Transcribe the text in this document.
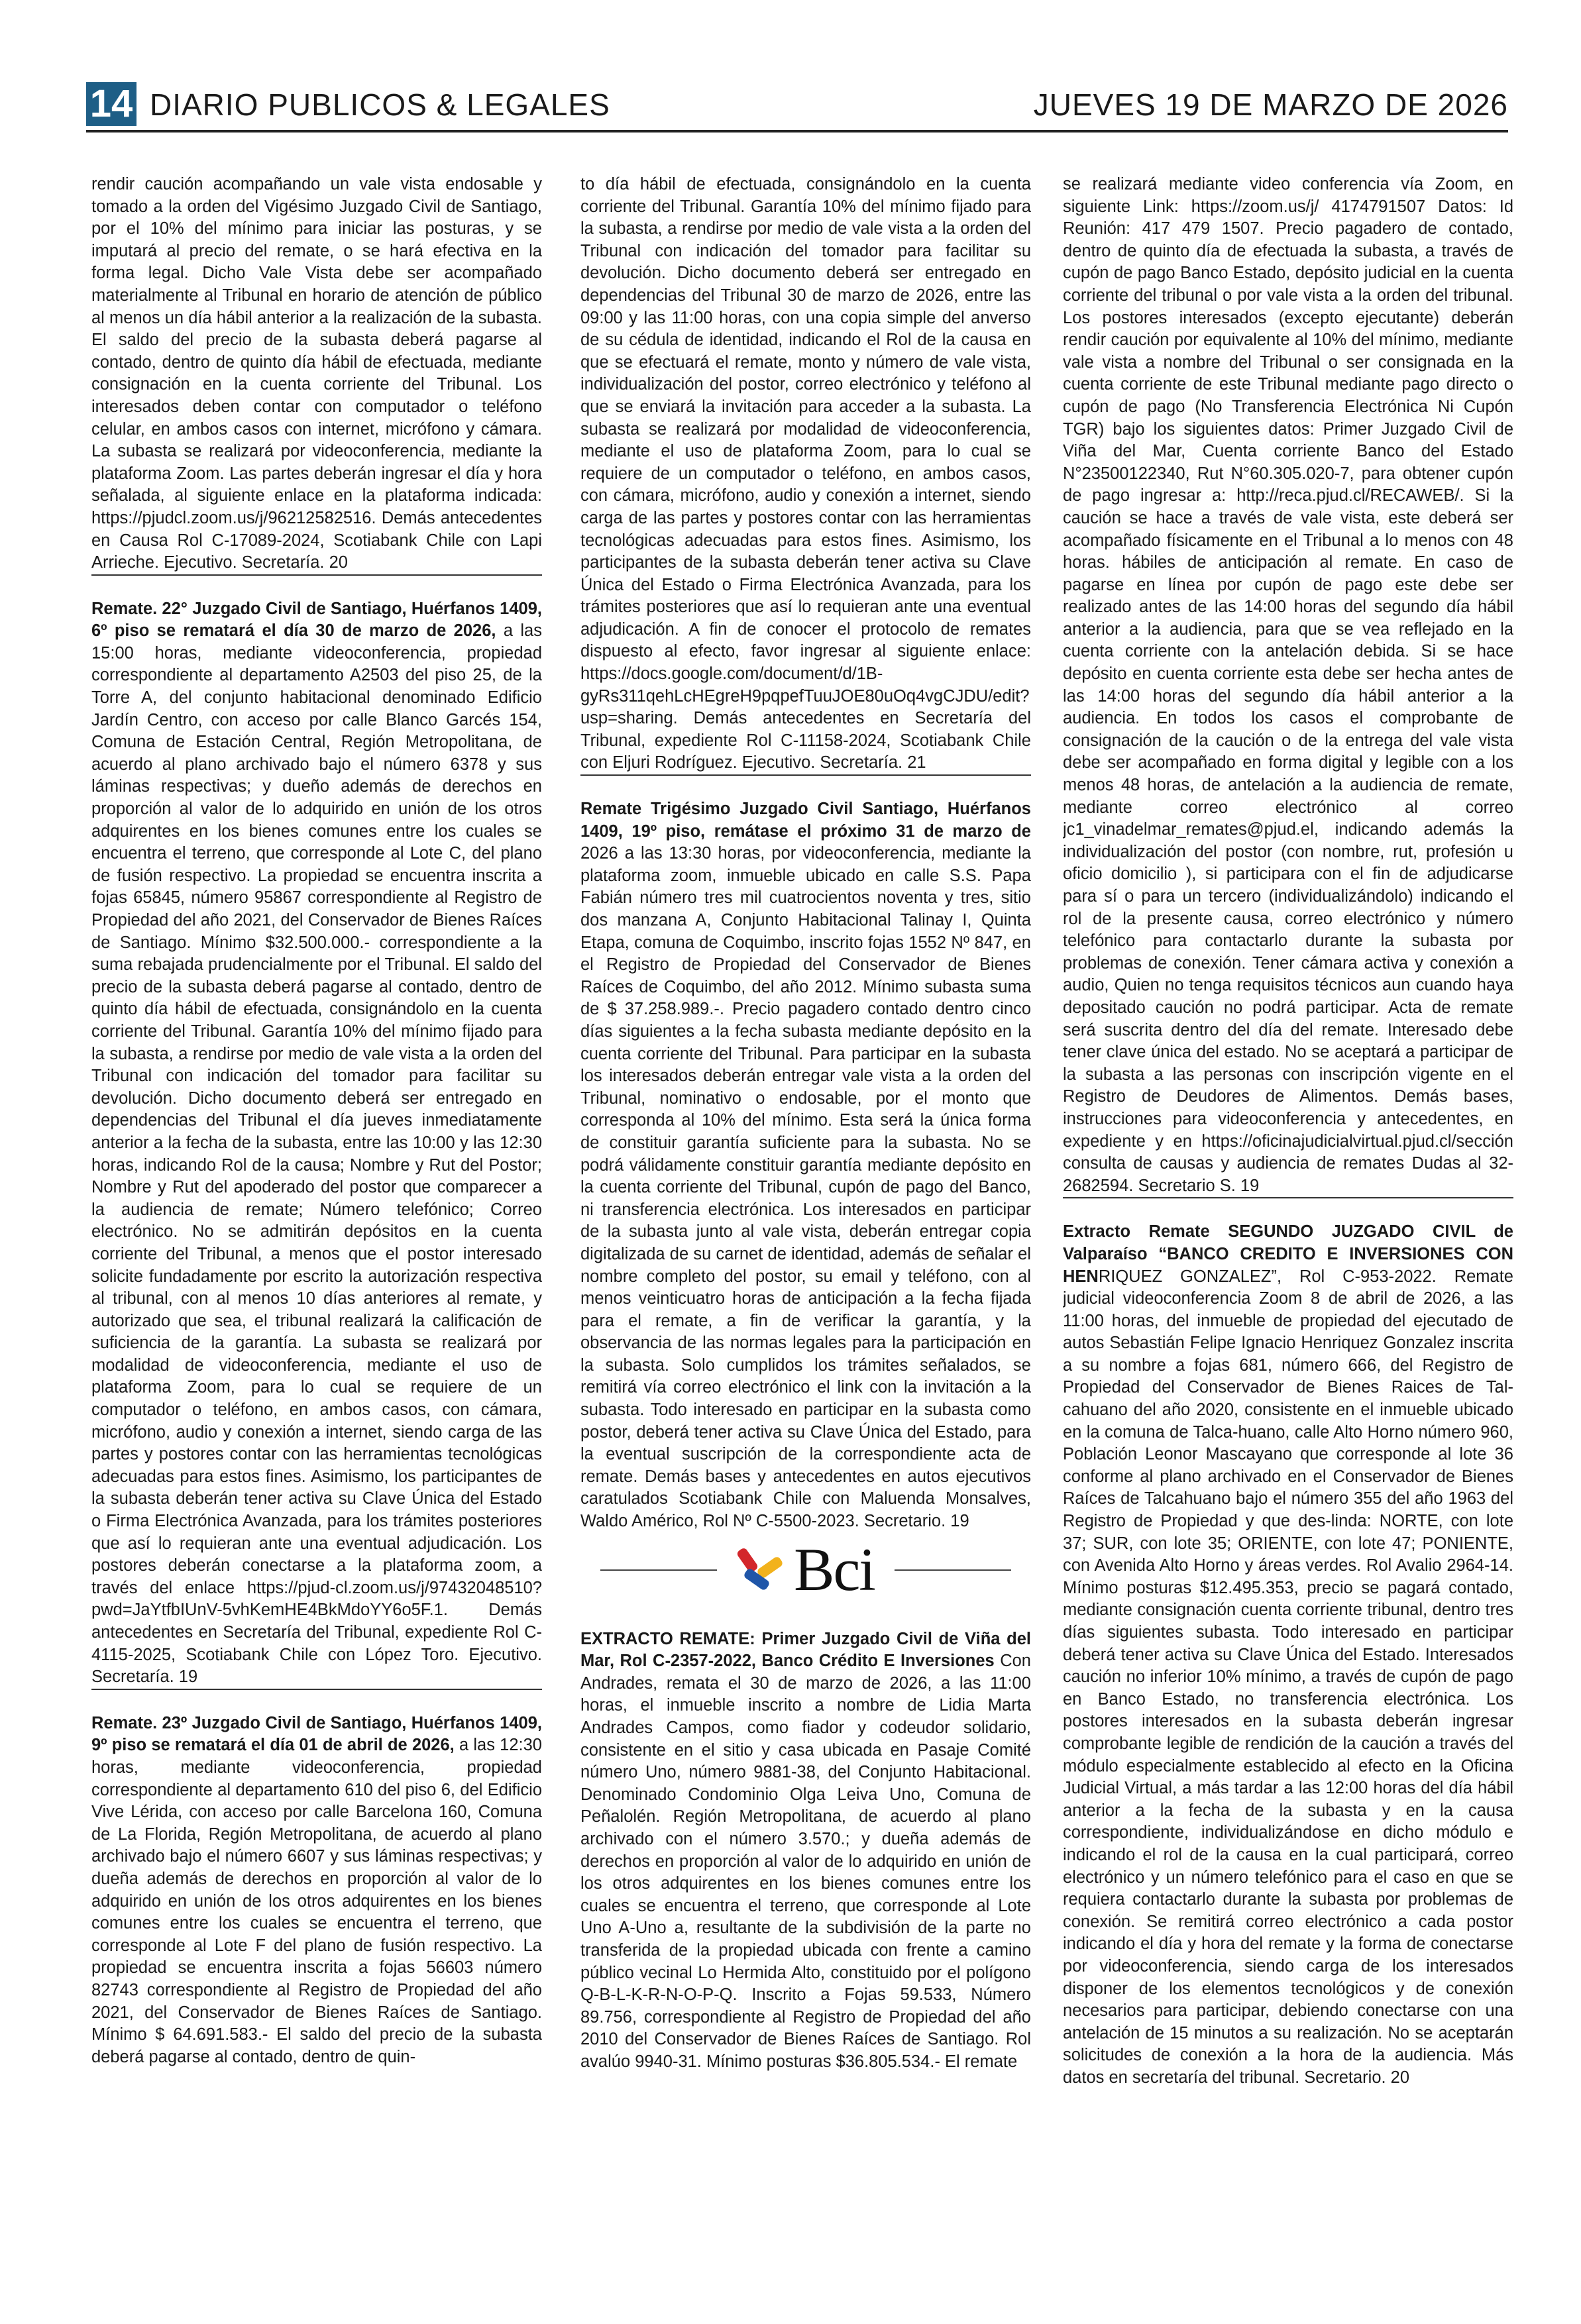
14 DIARIO PUBLICOS & LEGALES	JUEVES 19 DE MARZO DE 2026

rendir caución acompañando un vale vista endosable y tomado a la orden del Vigésimo Juzgado Civil de Santiago, por el 10% del mínimo para iniciar las posturas, y se imputará al precio del remate, o se hará efectiva en la forma legal. Dicho Vale Vista debe ser acompañado materialmente al Tribunal en horario de atención de público al menos un día hábil anterior a la realización de la subasta. El saldo del precio de la subasta deberá pagarse al contado, dentro de quinto día hábil de efectuada, mediante consignación en la cuenta corriente del Tribunal. Los interesados deben contar con computador o teléfono celular, en ambos casos con internet, micrófono y cámara. La subasta se realizará por videoconferencia, mediante la plataforma Zoom. Las partes deberán ingresar el día y hora señalada, al siguiente enlace en la plataforma indicada: https://pjudcl.zoom.us/j/96212582516. Demás antecedentes en Causa Rol C-17089-2024, Scotiabank Chile con Lapi Arrieche. Ejecutivo. Secretaría. 20

Remate. 22° Juzgado Civil de Santiago, Huérfanos 1409, 6º piso se rematará el día 30 de marzo de 2026, a las 15:00 horas, mediante videoconferencia, propiedad correspondiente al departamento A2503 del piso 25, de la Torre A, del conjunto habitacional denominado Edificio Jardín Centro, con acceso por calle Blanco Garcés 154, Comuna de Estación Central, Región Metropolitana, de acuerdo al plano archivado bajo el número 6378 y sus láminas respectivas; y dueño además de derechos en proporción al valor de lo adquirido en unión de los otros adquirentes en los bienes comunes entre los cuales se encuentra el terreno, que corresponde al Lote C, del plano de fusión respectivo. La propiedad se encuentra inscrita a fojas 65845, número 95867 correspondiente al Registro de Propiedad del año 2021, del Conservador de Bienes Raíces de Santiago. Mínimo $32.500.000.- correspondiente a la suma rebajada prudencialmente por el Tribunal. El saldo del precio de la subasta deberá pagarse al contado, dentro de quinto día hábil de efectuada, consignándolo en la cuenta corriente del Tribunal. Garantía 10% del mínimo fijado para la subasta, a rendirse por medio de vale vista a la orden del Tribunal con indicación del tomador para facilitar su devolución. Dicho documento deberá ser entregado en dependencias del Tribunal el día jueves inmediatamente anterior a la fecha de la subasta, entre las 10:00 y las 12:30 horas, indicando Rol de la causa; Nombre y Rut del Postor; Nombre y Rut del apoderado del postor que comparecer a la audiencia de remate; Número telefónico; Correo electrónico. No se admitirán depósitos en la cuenta corriente del Tribunal, a menos que el postor interesado solicite fundadamente por escrito la autorización respectiva al tribunal, con al menos 10 días anteriores al remate, y autorizado que sea, el tribunal realizará la calificación de suficiencia de la garantía. La subasta se realizará por modalidad de videoconferencia, mediante el uso de plataforma Zoom, para lo cual se requiere de un computador o teléfono, en ambos casos, con cámara, micrófono, audio y conexión a internet, siendo carga de las partes y postores contar con las herramientas tecnológicas adecuadas para estos fines. Asimismo, los participantes de la subasta deberán tener activa su Clave Única del Estado o Firma Electrónica Avanzada, para los trámites posteriores que así lo requieran ante una eventual adjudicación. Los postores deberán conectarse a la plataforma zoom, a través del enlace https://pjud-cl.zoom.us/j/97432048510?pwd=JaYtfbIUnV-5vhKemHE4BkMdoYY6o5F.1. Demás antecedentes en Secretaría del Tribunal, expediente Rol C-4115-2025, Scotiabank Chile con López Toro. Ejecutivo. Secretaría. 19

Remate. 23º Juzgado Civil de Santiago, Huérfanos 1409, 9º piso se rematará el día 01 de abril de 2026, a las 12:30 horas, mediante videoconferencia, propiedad correspondiente al departamento 610 del piso 6, del Edificio Vive Lérida, con acceso por calle Barcelona 160, Comuna de La Florida, Región Metropolitana, de acuerdo al plano archivado bajo el número 6607 y sus láminas respectivas; y dueña además de derechos en proporción al valor de lo adquirido en unión de los otros adquirentes en los bienes comunes entre los cuales se encuentra el terreno, que corresponde al Lote F del plano de fusión respectivo. La propiedad se encuentra inscrita a fojas 56603 número 82743 correspondiente al Registro de Propiedad del año 2021, del Conservador de Bienes Raíces de Santiago. Mínimo $ 64.691.583.- El saldo del precio de la subasta deberá pagarse al contado, dentro de quin-

to día hábil de efectuada, consignándolo en la cuenta corriente del Tribunal. Garantía 10% del mínimo fijado para la subasta, a rendirse por medio de vale vista a la orden del Tribunal con indicación del tomador para facilitar su devolución. Dicho documento deberá ser entregado en dependencias del Tribunal 30 de marzo de 2026, entre las 09:00 y las 11:00 horas, con una copia simple del anverso de su cédula de identidad, indicando el Rol de la causa en que se efectuará el remate, monto y número de vale vista, individualización del postor, correo electrónico y teléfono al que se enviará la invitación para acceder a la subasta. La subasta se realizará por modalidad de videoconferencia, mediante el uso de plataforma Zoom, para lo cual se requiere de un computador o teléfono, en ambos casos, con cámara, micrófono, audio y conexión a internet, siendo carga de las partes y postores contar con las herramientas tecnológicas adecuadas para estos fines. Asimismo, los participantes de la subasta deberán tener activa su Clave Única del Estado o Firma Electrónica Avanzada, para los trámites posteriores que así lo requieran ante una eventual adjudicación. A fin de conocer el protocolo de remates dispuesto al efecto, favor ingresar al siguiente enlace: https://docs.google.com/document/d/1B-gyRs311qehLcHEgreH9pqpefTuuJOE80uOq4vgCJDU/edit?usp=sharing. Demás antecedentes en Secretaría del Tribunal, expediente Rol C-11158-2024, Scotiabank Chile con Eljuri Rodríguez. Ejecutivo. Secretaría. 21

Remate Trigésimo Juzgado Civil Santiago, Huérfanos 1409, 19º piso, remátase el próximo 31 de marzo de 2026 a las 13:30 horas, por videoconferencia, mediante la plataforma zoom, inmueble ubicado en calle S.S. Papa Fabián número tres mil cuatrocientos noventa y tres, sitio dos manzana A, Conjunto Habitacional Talinay I, Quinta Etapa, comuna de Coquimbo, inscrito fojas 1552 Nº 847, en el Registro de Propiedad del Conservador de Bienes Raíces de Coquimbo, del año 2012. Mínimo subasta suma de $ 37.258.989.-. Precio pagadero contado dentro cinco días siguientes a la fecha subasta mediante depósito en la cuenta corriente del Tribunal. Para participar en la subasta los interesados deberán entregar vale vista a la orden del Tribunal, nominativo o endosable, por el monto que corresponda al 10% del mínimo. Esta será la única forma de constituir garantía suficiente para la subasta. No se podrá válidamente constituir garantía mediante depósito en la cuenta corriente del Tribunal, cupón de pago del Banco, ni transferencia electrónica. Los interesados en participar de la subasta junto al vale vista, deberán entregar copia digitalizada de su carnet de identidad, además de señalar el nombre completo del postor, su email y teléfono, con al menos veinticuatro horas de anticipación a la fecha fijada para el remate, a fin de verificar la garantía, y la observancia de las normas legales para la participación en la subasta. Solo cumplidos los trámites señalados, se remitirá vía correo electrónico el link con la invitación a la subasta. Todo interesado en participar en la subasta como postor, deberá tener activa su Clave Única del Estado, para la eventual suscripción de la correspondiente acta de remate. Demás bases y antecedentes en autos ejecutivos caratulados Scotiabank Chile con Maluenda Monsalves, Waldo Américo, Rol Nº C-5500-2023. Secretario. 19

Bci

EXTRACTO REMATE: Primer Juzgado Civil de Viña del Mar, Rol C-2357-2022, Banco Crédito E Inversiones Con Andrades, remata el 30 de marzo de 2026, a las 11:00 horas, el inmueble inscrito a nombre de Lidia Marta Andrades Campos, como fiador y codeudor solidario, consistente en el sitio y casa ubicada en Pasaje Comité número Uno, número 9881-38, del Conjunto Habitacional. Denominado Condominio Olga Leiva Uno, Comuna de Peñalolén. Región Metropolitana, de acuerdo al plano archivado con el número 3.570.; y dueña además de derechos en proporción al valor de lo adquirido en unión de los otros adquirentes en los bienes comunes entre los cuales se encuentra el terreno, que corresponde al Lote Uno A-Uno a, resultante de la subdivisión de la parte no transferida de la propiedad ubicada con frente a camino público vecinal Lo Hermida Alto, constituido por el polígono Q-B-L-K-R-N-O-P-Q. Inscrito a Fojas 59.533, Número 89.756, correspondiente al Registro de Propiedad del año 2010 del Conservador de Bienes Raíces de Santiago. Rol avalúo 9940-31. Mínimo posturas $36.805.534.- El remate

se realizará mediante video conferencia vía Zoom, en siguiente Link: https://zoom.us/j/ 4174791507 Datos: Id Reunión: 417 479 1507. Precio pagadero de contado, dentro de quinto día de efectuada la subasta, a través de cupón de pago Banco Estado, depósito judicial en la cuenta corriente del tribunal o por vale vista a la orden del tribunal. Los postores interesados (excepto ejecutante) deberán rendir caución por equivalente al 10% del mínimo, mediante vale vista a nombre del Tribunal o ser consignada en la cuenta corriente de este Tribunal mediante pago directo o cupón de pago (No Transferencia Electrónica Ni Cupón TGR) bajo los siguientes datos: Primer Juzgado Civil de Viña del Mar, Cuenta corriente Banco del Estado N°23500122340, Rut N°60.305.020-7, para obtener cupón de pago ingresar a: http://reca.pjud.cl/RECAWEB/. Si la caución se hace a través de vale vista, este deberá ser acompañado físicamente en el Tribunal a lo menos con 48 horas. hábiles de anticipación al remate. En caso de pagarse en línea por cupón de pago este debe ser realizado antes de las 14:00 horas del segundo día hábil anterior a la audiencia, para que se vea reflejado en la cuenta corriente con la antelación debida. Si se hace depósito en cuenta corriente esta debe ser hecha antes de las 14:00 horas del segundo día hábil anterior a la audiencia. En todos los casos el comprobante de consignación de la caución o de la entrega del vale vista debe ser acompañado en forma digital y legible con a los menos 48 horas, de antelación a la audiencia de remate, mediante correo electrónico al correo jc1_vinadelmar_remates@pjud.el, indicando además la individualización del postor (con nombre, rut, profesión u oficio domicilio ), si participara con el fin de adjudicarse para sí o para un tercero (individualizándolo) indicando el rol de la presente causa, correo electrónico y número telefónico para contactarlo durante la subasta por problemas de conexión. Tener cámara activa y conexión a audio, Quien no tenga requisitos técnicos aun cuando haya depositado caución no podrá participar. Acta de remate será suscrita dentro del día del remate. Interesado debe tener clave única del estado. No se aceptará a participar de la subasta a las personas con inscripción vigente en el Registro de Deudores de Alimentos. Demás bases, instrucciones para videoconferencia y antecedentes, en expediente y en https://oficinajudicialvirtual.pjud.cl/sección consulta de causas y audiencia de remates Dudas al 32-2682594. Secretario S. 19

Extracto Remate SEGUNDO JUZGADO CIVIL de Valparaíso “BANCO CREDITO E INVERSIONES CON HENRIQUEZ GONZALEZ”, Rol C-953-2022. Remate judicial videoconferencia Zoom 8 de abril de 2026, a las 11:00 horas, del inmueble de propiedad del ejecutado de autos Sebastián Felipe Ignacio Henriquez Gonzalez inscrita a su nombre a fojas 681, número 666, del Registro de Propiedad del Conservador de Bienes Raices de Tal-cahuano del año 2020, consistente en el inmueble ubicado en la comuna de Talca-huano, calle Alto Horno número 960, Población Leonor Mascayano que corresponde al lote 36 conforme al plano archivado en el Conservador de Bienes Raíces de Talcahuano bajo el número 355 del año 1963 del Registro de Propiedad y que des-linda: NORTE, con lote 37; SUR, con lote 35; ORIENTE, con lote 47; PONIENTE, con Avenida Alto Horno y áreas verdes. Rol Avalio 2964-14. Mínimo posturas $12.495.353, precio se pagará contado, mediante consignación cuenta corriente tribunal, dentro tres días siguientes subasta. Todo interesado en participar deberá tener activa su Clave Única del Estado. Interesados caución no inferior 10% mínimo, a través de cupón de pago en Banco Estado, no transferencia electrónica. Los postores interesados en la subasta deberán ingresar comprobante legible de rendición de la caución a través del módulo especialmente establecido al efecto en la Oficina Judicial Virtual, a más tardar a las 12:00 horas del día hábil anterior a la fecha de la subasta y en la causa correspondiente, individualizándose en dicho módulo e indicando el rol de la causa en la cual participará, correo electrónico y un número telefónico para el caso en que se requiera contactarlo durante la subasta por problemas de conexión. Se remitirá correo electrónico a cada postor indicando el día y hora del remate y la forma de conectarse por videoconferencia, siendo carga de los interesados disponer de los elementos tecnológicos y de conexión necesarios para participar, debiendo conectarse con una antelación de 15 minutos a su realización. No se aceptarán solicitudes de conexión a la hora de la audiencia. Más datos en secretaría del tribunal. Secretario. 20
